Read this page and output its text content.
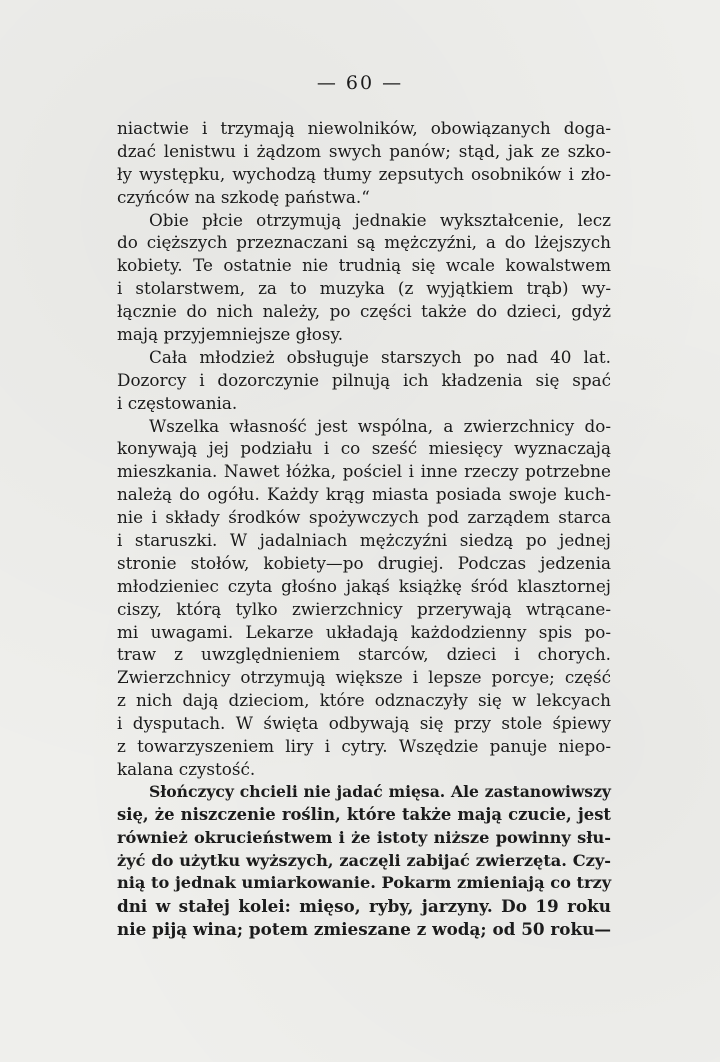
— 60 —
niactwie i trzymają niewolników, obowiązanych doga-
dzać lenistwu i żądzom swych panów; stąd, jak ze szko-
ły występku, wychodzą tłumy zepsutych osobników i zło-
czyńców na szkodę państwa.“
Obie płcie otrzymują jednakie wykształcenie, lecz
do cięższych przeznaczani są mężczyźni, a do lżejszych
kobiety. Te ostatnie nie trudnią się wcale kowalstwem
i stolarstwem, za to muzyka (z wyjątkiem trąb) wy-
łącznie do nich należy, po części także do dzieci, gdyż
mają przyjemniejsze głosy.
Cała młodzież obsługuje starszych po nad 40 lat.
Dozorcy i dozorczynie pilnują ich kładzenia się spać
i częstowania.
Wszelka własność jest wspólna, a zwierzchnicy do-
konywają jej podziału i co sześć miesięcy wyznaczają
mieszkania. Nawet łóżka, pościel i inne rzeczy potrzebne
należą do ogółu. Każdy krąg miasta posiada swoje kuch-
nie i składy środków spożywczych pod zarządem starca
i staruszki. W jadalniach mężczyźni siedzą po jednej
stronie stołów, kobiety—po drugiej. Podczas jedzenia
młodzieniec czyta głośno jakąś książkę śród klasztornej
ciszy, którą tylko zwierzchnicy przerywają wtrącane-
mi uwagami. Lekarze układają każdodzienny spis po-
traw z uwzględnieniem starców, dzieci i chorych.
Zwierzchnicy otrzymują większe i lepsze porcye; część
z nich dają dzieciom, które odznaczyły się w lekcyach
i dysputach. W święta odbywają się przy stole śpiewy
z towarzyszeniem liry i cytry. Wszędzie panuje niepo-
kalana czystość.
Słończycy chcieli nie jadać mięsa. Ale zastanowiwszy
się, że niszczenie roślin, które także mają czucie, jest
również okrucieństwem i że istoty niższe powinny słu-
żyć do użytku wyższych, zaczęli zabijać zwierzęta. Czy-
nią to jednak umiarkowanie. Pokarm zmieniają co trzy
dni w stałej kolei: mięso, ryby, jarzyny. Do 19 roku
nie piją wina; potem zmieszane z wodą; od 50 roku—
